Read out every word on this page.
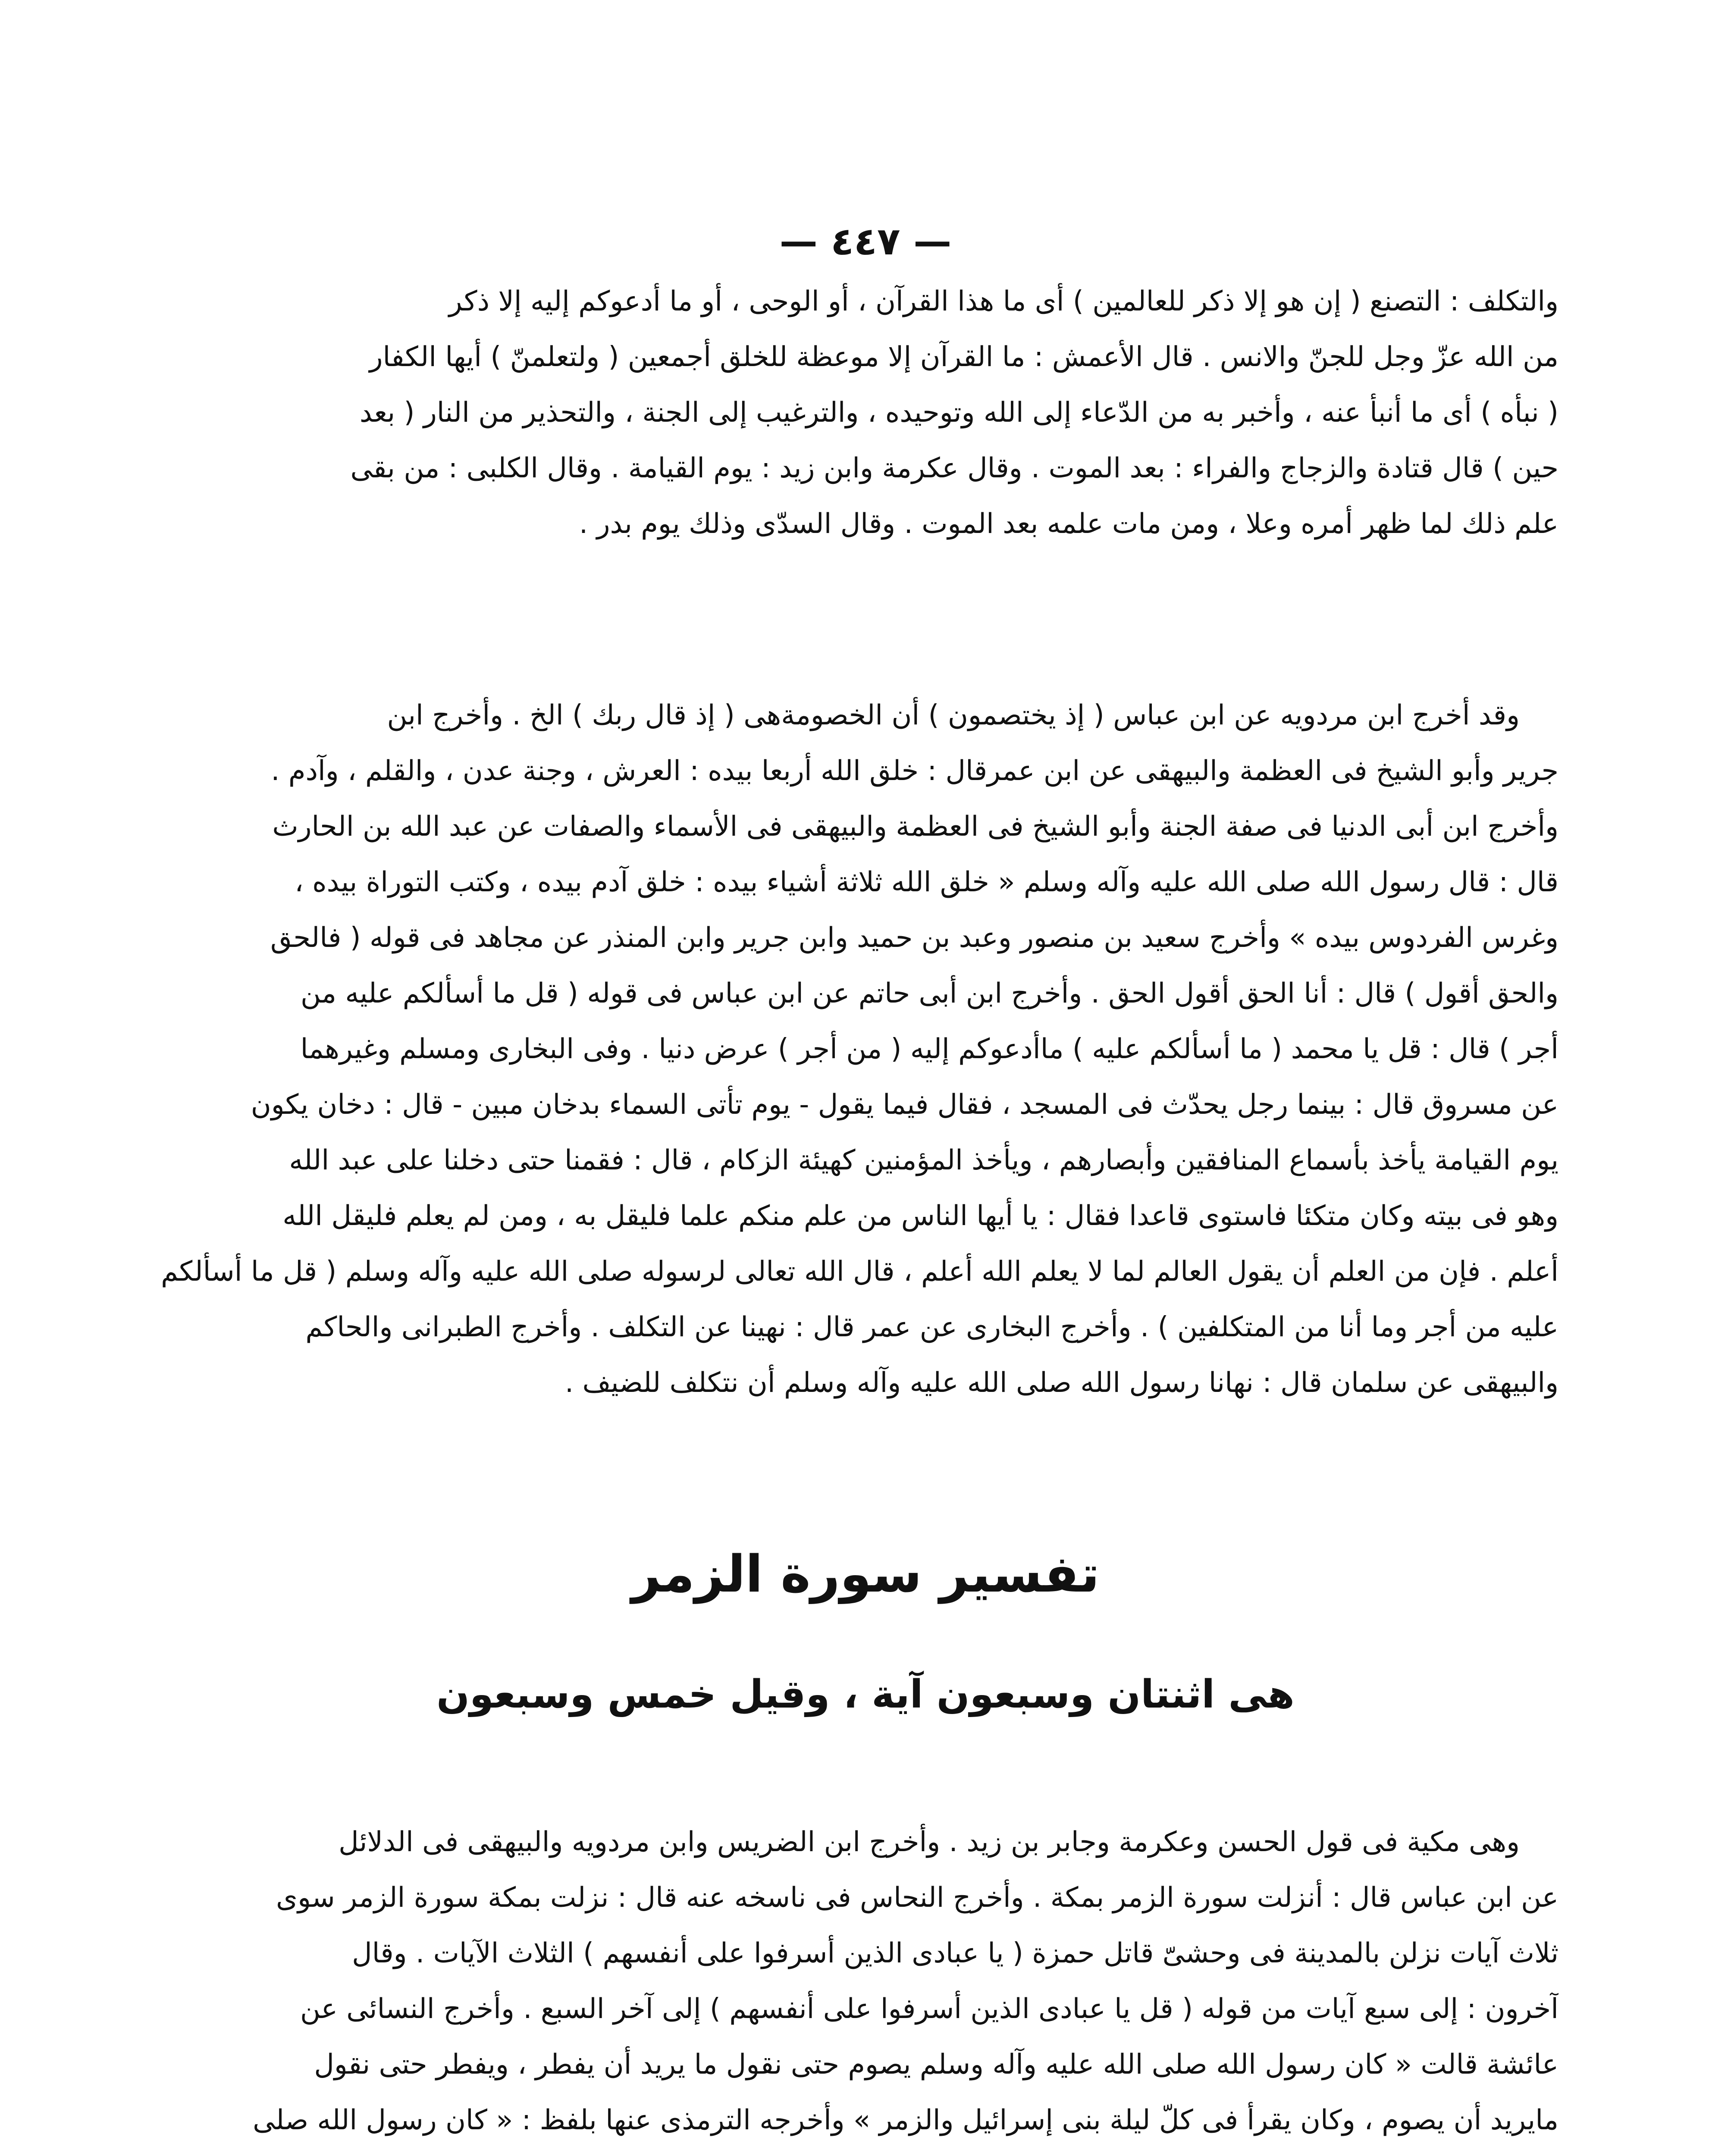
— ٤٤٧ —
والتكلف : التصنع ( إن هو إلا ذكر للعالمين ) أى ما هذا القرآن ، أو الوحى ، أو ما أدعوكم إليه إلا ذكر
من الله عزّ وجل للجنّ والانس . قال الأعمش : ما القرآن إلا موعظة للخلق أجمعين ( ولتعلمنّ ) أيها الكفار
( نبأه ) أى ما أنبأ عنه ، وأخبر به من الدّعاء إلى الله وتوحيده ، والترغيب إلى الجنة ، والتحذير من النار ( بعد
حين ) قال قتادة والزجاج والفراء : بعد الموت . وقال عكرمة وابن زيد : يوم القيامة . وقال الكلبى : من بقى
علم ذلك لما ظهر أمره وعلا ، ومن مات علمه بعد الموت . وقال السدّى وذلك يوم بدر .
وقد أخرج ابن مردويه عن ابن عباس ( إذ يختصمون ) أن الخصومةهى ( إذ قال ربك ) الخ . وأخرج ابن
جرير وأبو الشيخ فى العظمة والبيهقى عن ابن عمرقال : خلق الله أربعا بيده : العرش ، وجنة عدن ، والقلم ، وآدم .
وأخرج ابن أبى الدنيا فى صفة الجنة وأبو الشيخ فى العظمة والبيهقى فى الأسماء والصفات عن عبد الله بن الحارث
قال : قال رسول الله صلى الله عليه وآله وسلم « خلق الله ثلاثة أشياء بيده : خلق آدم بيده ، وكتب التوراة بيده ،
وغرس الفردوس بيده » وأخرج سعيد بن منصور وعبد بن حميد وابن جرير وابن المنذر عن مجاهد فى قوله ( فالحق
والحق أقول ) قال : أنا الحق أقول الحق . وأخرج ابن أبى حاتم عن ابن عباس فى قوله ( قل ما أسألكم عليه من
أجر ) قال : قل يا محمد ( ما أسألكم عليه ) ماأدعوكم إليه ( من أجر ) عرض دنيا . وفى البخارى ومسلم وغيرهما
عن مسروق قال : بينما رجل يحدّث فى المسجد ، فقال فيما يقول - يوم تأتى السماء بدخان مبين - قال : دخان يكون
يوم القيامة يأخذ بأسماع المنافقين وأبصارهم ، ويأخذ المؤمنين كهيئة الزكام ، قال : فقمنا حتى دخلنا على عبد الله
وهو فى بيته وكان متكئا فاستوى قاعدا فقال : يا أيها الناس من علم منكم علما فليقل به ، ومن لم يعلم فليقل الله
أعلم . فإن من العلم أن يقول العالم لما لا يعلم الله أعلم ، قال الله تعالى لرسوله صلى الله عليه وآله وسلم ( قل ما أسألكم
عليه من أجر وما أنا من المتكلفين ) . وأخرج البخارى عن عمر قال : نهينا عن التكلف . وأخرج الطبرانى والحاكم
والبيهقى عن سلمان قال : نهانا رسول الله صلى الله عليه وآله وسلم أن نتكلف للضيف .
تفسير سورة الزمر
هى اثنتان وسبعون آية ، وقيل خمس وسبعون
وهى مكية فى قول الحسن وعكرمة وجابر بن زيد . وأخرج ابن الضريس وابن مردويه والبيهقى فى الدلائل
عن ابن عباس قال : أنزلت سورة الزمر بمكة . وأخرج النحاس فى ناسخه عنه قال : نزلت بمكة سورة الزمر سوى
ثلاث آيات نزلن بالمدينة فى وحشىّ قاتل حمزة ( يا عبادى الذين أسرفوا على أنفسهم ) الثلاث الآيات . وقال
آخرون : إلى سبع آيات من قوله ( قل يا عبادى الذين أسرفوا على أنفسهم ) إلى آخر السبع . وأخرج النسائى عن
عائشة قالت « كان رسول الله صلى الله عليه وآله وسلم يصوم حتى نقول ما يريد أن يفطر ، ويفطر حتى نقول
مايريد أن يصوم ، وكان يقرأ فى كلّ ليلة بنى إسرائيل والزمر » وأخرجه الترمذى عنها بلفظ : « كان رسول الله صلى
